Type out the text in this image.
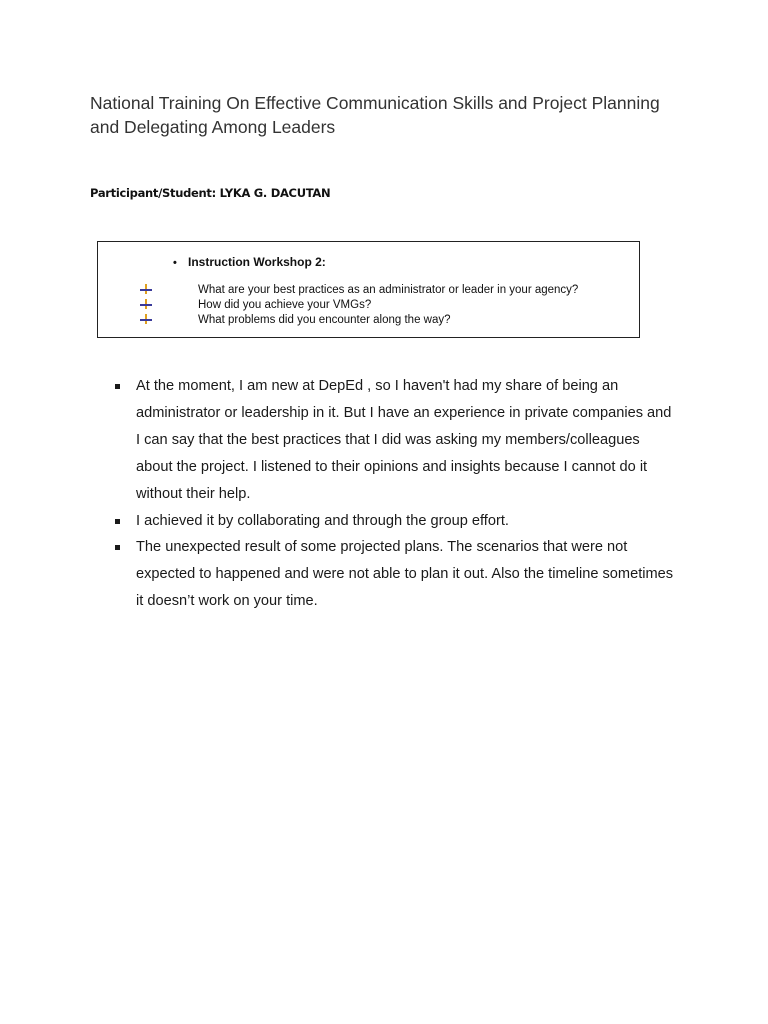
National Training On Effective Communication Skills and Project Planning and Delegating Among Leaders
Participant/Student: LYKA G. DACUTAN
• Instruction Workshop 2:
What are your best practices as an administrator or leader in your agency?
How did you achieve your VMGs?
What problems did you encounter along the way?
At the moment, I am new at DepEd , so I haven't had my share of being an administrator or leadership in it. But I have an experience in private companies and I can say that the best practices that I did was asking my members/colleagues about the project. I listened to their opinions and insights because I cannot do it without their help.
I achieved it by collaborating and through the group effort.
The unexpected result of some projected plans. The scenarios that were not expected to happened and were not able to plan it out. Also the timeline sometimes it doesn’t work on your time.
